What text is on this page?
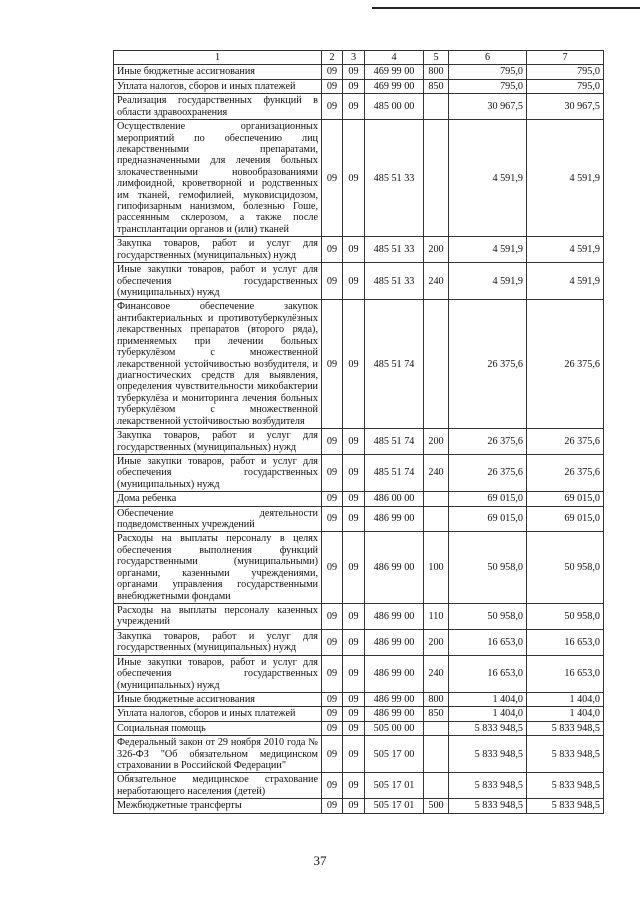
1	2	3	4	5	6	7
Иные бюджетные ассигнования	09	09	469 99 00	800	795,0	795,0
Уплата налогов, сборов и иных платежей	09	09	469 99 00	850	795,0	795,0
Реализация государственных функций в области здравоохранения	09	09	485 00 00		30 967,5	30 967,5
Осуществление организационных мероприятий по обеспечению лиц лекарственными препаратами, предназначенными для лечения больных злокачественными новообразованиями лимфоидной, кроветворной и родственных им тканей, гемофилией, муковисцидозом, гипофизарным нанизмом, болезнью Гоше, рассеянным склерозом, а также после трансплантации органов и (или) тканей	09	09	485 51 33		4 591,9	4 591,9
Закупка товаров, работ и услуг для государственных (муниципальных) нужд	09	09	485 51 33	200	4 591,9	4 591,9
Иные закупки товаров, работ и услуг для обеспечения государственных (муниципальных) нужд	09	09	485 51 33	240	4 591,9	4 591,9
Финансовое обеспечение закупок антибактериальных и противотуберкулёзных лекарственных препаратов (второго ряда), применяемых при лечении больных туберкулёзом с множественной лекарственной устойчивостью возбудителя, и диагностических средств для выявления, определения чувствительности микобактерии туберкулёза и мониторинга лечения больных туберкулёзом с множественной лекарственной устойчивостью возбудителя	09	09	485 51 74		26 375,6	26 375,6
Закупка товаров, работ и услуг для государственных (муниципальных) нужд	09	09	485 51 74	200	26 375,6	26 375,6
Иные закупки товаров, работ и услуг для обеспечения государственных (муниципальных) нужд	09	09	485 51 74	240	26 375,6	26 375,6
Дома ребенка	09	09	486 00 00		69 015,0	69 015,0
Обеспечение деятельности подведомственных учреждений	09	09	486 99 00		69 015,0	69 015,0
Расходы на выплаты персоналу в целях обеспечения выполнения функций государственными (муниципальными) органами, казенными учреждениями, органами управления государственными внебюджетными фондами	09	09	486 99 00	100	50 958,0	50 958,0
Расходы на выплаты персоналу казенных учреждений	09	09	486 99 00	110	50 958,0	50 958,0
Закупка товаров, работ и услуг для государственных (муниципальных) нужд	09	09	486 99 00	200	16 653,0	16 653,0
Иные закупки товаров, работ и услуг для обеспечения государственных (муниципальных) нужд	09	09	486 99 00	240	16 653,0	16 653,0
Иные бюджетные ассигнования	09	09	486 99 00	800	1 404,0	1 404,0
Уплата налогов, сборов и иных платежей	09	09	486 99 00	850	1 404,0	1 404,0
Социальная помощь	09	09	505 00 00		5 833 948,5	5 833 948,5
Федеральный закон от 29 ноября 2010 года № 326-ФЗ "Об обязательном медицинском страховании в Российской Федерации"	09	09	505 17 00		5 833 948,5	5 833 948,5
Обязательное медицинское страхование неработающего населения (детей)	09	09	505 17 01		5 833 948,5	5 833 948,5
Межбюджетные трансферты	09	09	505 17 01	500	5 833 948,5	5 833 948,5
37
